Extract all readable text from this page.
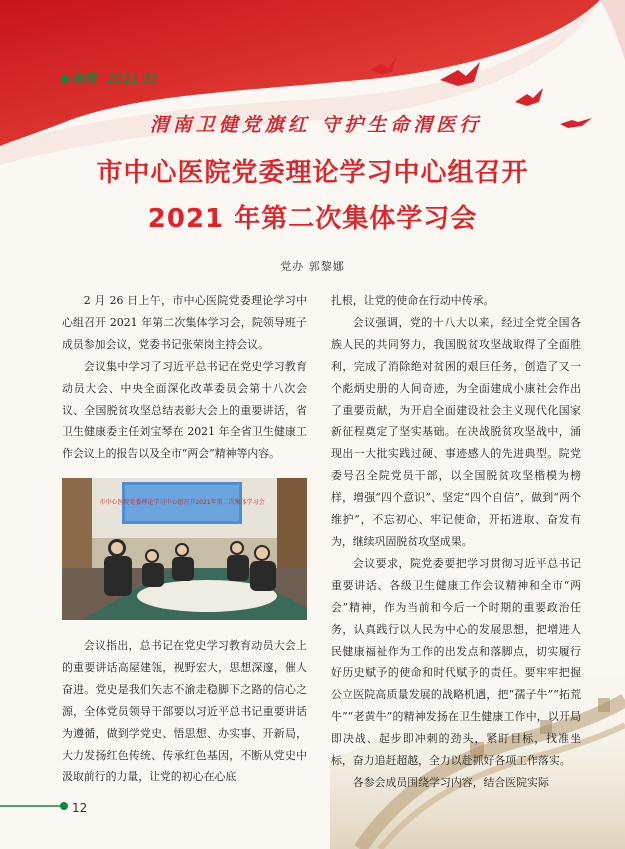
医苑 2021.03
渭南卫健党旗红 守护生命渭医行
市中心医院党委理论学习中心组召开
2021 年第二次集体学习会
党办 郭黎娜

2 月 26 日上午，市中心医院党委理论学习中心组召开 2021 年第二次集体学习会，院领导班子成员参加会议，党委书记张荣岗主持会议。

会议集中学习了习近平总书记在党史学习教育动员大会、中央全面深化改革委员会第十八次会议、全国脱贫攻坚总结表彰大会上的重要讲话，省卫生健康委主任刘宝琴在 2021 年全省卫生健康工作会议上的报告以及全市“两会”精神等内容。

市中心医院党委理论学习中心组召开2021年第二次集体学习会

会议指出，总书记在党史学习教育动员大会上的重要讲话高屋建瓴，视野宏大，思想深邃，催人奋进。党史是我们矢志不渝走稳脚下之路的信心之源，全体党员领导干部要以习近平总书记重要讲话为遵循，做到学党史、悟思想、办实事、开新局，大力发扬红色传统、传承红色基因，不断从党史中汲取前行的力量，让党的初心在心底

扎根，让党的使命在行动中传承。

会议强调，党的十八大以来，经过全党全国各族人民的共同努力，我国脱贫攻坚战取得了全面胜利，完成了消除绝对贫困的艰巨任务，创造了又一个彪炳史册的人间奇迹，为全面建成小康社会作出了重要贡献，为开启全面建设社会主义现代化国家新征程奠定了坚实基础。在决战脱贫攻坚战中，涌现出一大批实践过硬、事迹感人的先进典型。院党委号召全院党员干部，以全国脱贫攻坚楷模为榜样，增强“四个意识”、坚定“四个自信”，做到“两个维护”，不忘初心、牢记使命，开拓进取、奋发有为，继续巩固脱贫攻坚成果。

会议要求，院党委要把学习贯彻习近平总书记重要讲话、各级卫生健康工作会议精神和全市“两会”精神，作为当前和今后一个时期的重要政治任务，认真践行以人民为中心的发展思想，把增进人民健康福祉作为工作的出发点和落脚点，切实履行好历史赋予的使命和时代赋予的责任。要牢牢把握公立医院高质量发展的战略机遇，把“孺子牛”“拓荒牛”“老黄牛”的精神发扬在卫生健康工作中，以开局即决战、起步即冲刺的劲头，紧盯目标，找准坐标，奋力追赶超越，全力以赴抓好各项工作落实。

各参会成员围绕学习内容，结合医院实际

12
